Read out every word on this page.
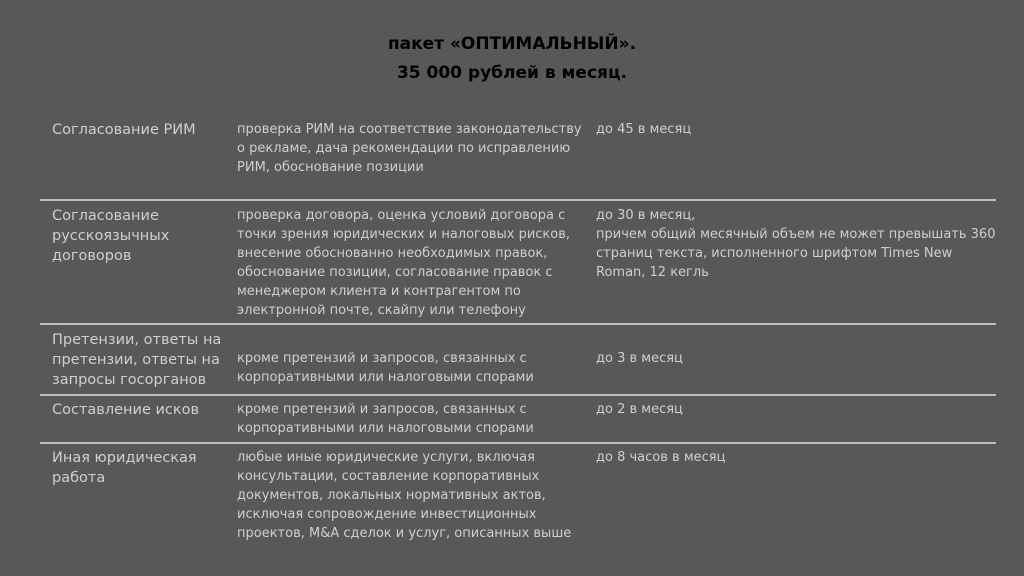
пакет «ОПТИМАЛЬНЫЙ».
35 000 рублей в месяц.
Согласование РИМ	проверка РИМ на соответствие законодательству о рекламе, дача рекомендации по исправлению РИМ, обоснование позиции
до 45 в месяц
Согласование русскоязычных договоров
проверка договора, оценка условий договора с точки зрения юридических и налоговых рисков, внесение обоснованно необходимых правок, обоснование позиции, согласование правок с менеджером клиента и контрагентом по электронной почте, скайпу или телефону
до 30 в месяц,
причем общий месячный объем не может превышать 360 страниц текста, исполненного шрифтом Times New Roman, 12 кегль
Претензии, ответы на претензии, ответы на запросы госорганов
кроме претензий и запросов, связанных с корпоративными или налоговыми спорами
до 3 в месяц
Составление исков	кроме претензий и запросов, связанных с корпоративными или налоговыми спорами
до 2 в месяц
Иная юридическая работа
любые иные юридические услуги, включая консультации, составление корпоративных документов, локальных нормативных актов, исключая сопровождение инвестиционных проектов, M&A сделок и услуг, описанных выше
до 8 часов в месяц
